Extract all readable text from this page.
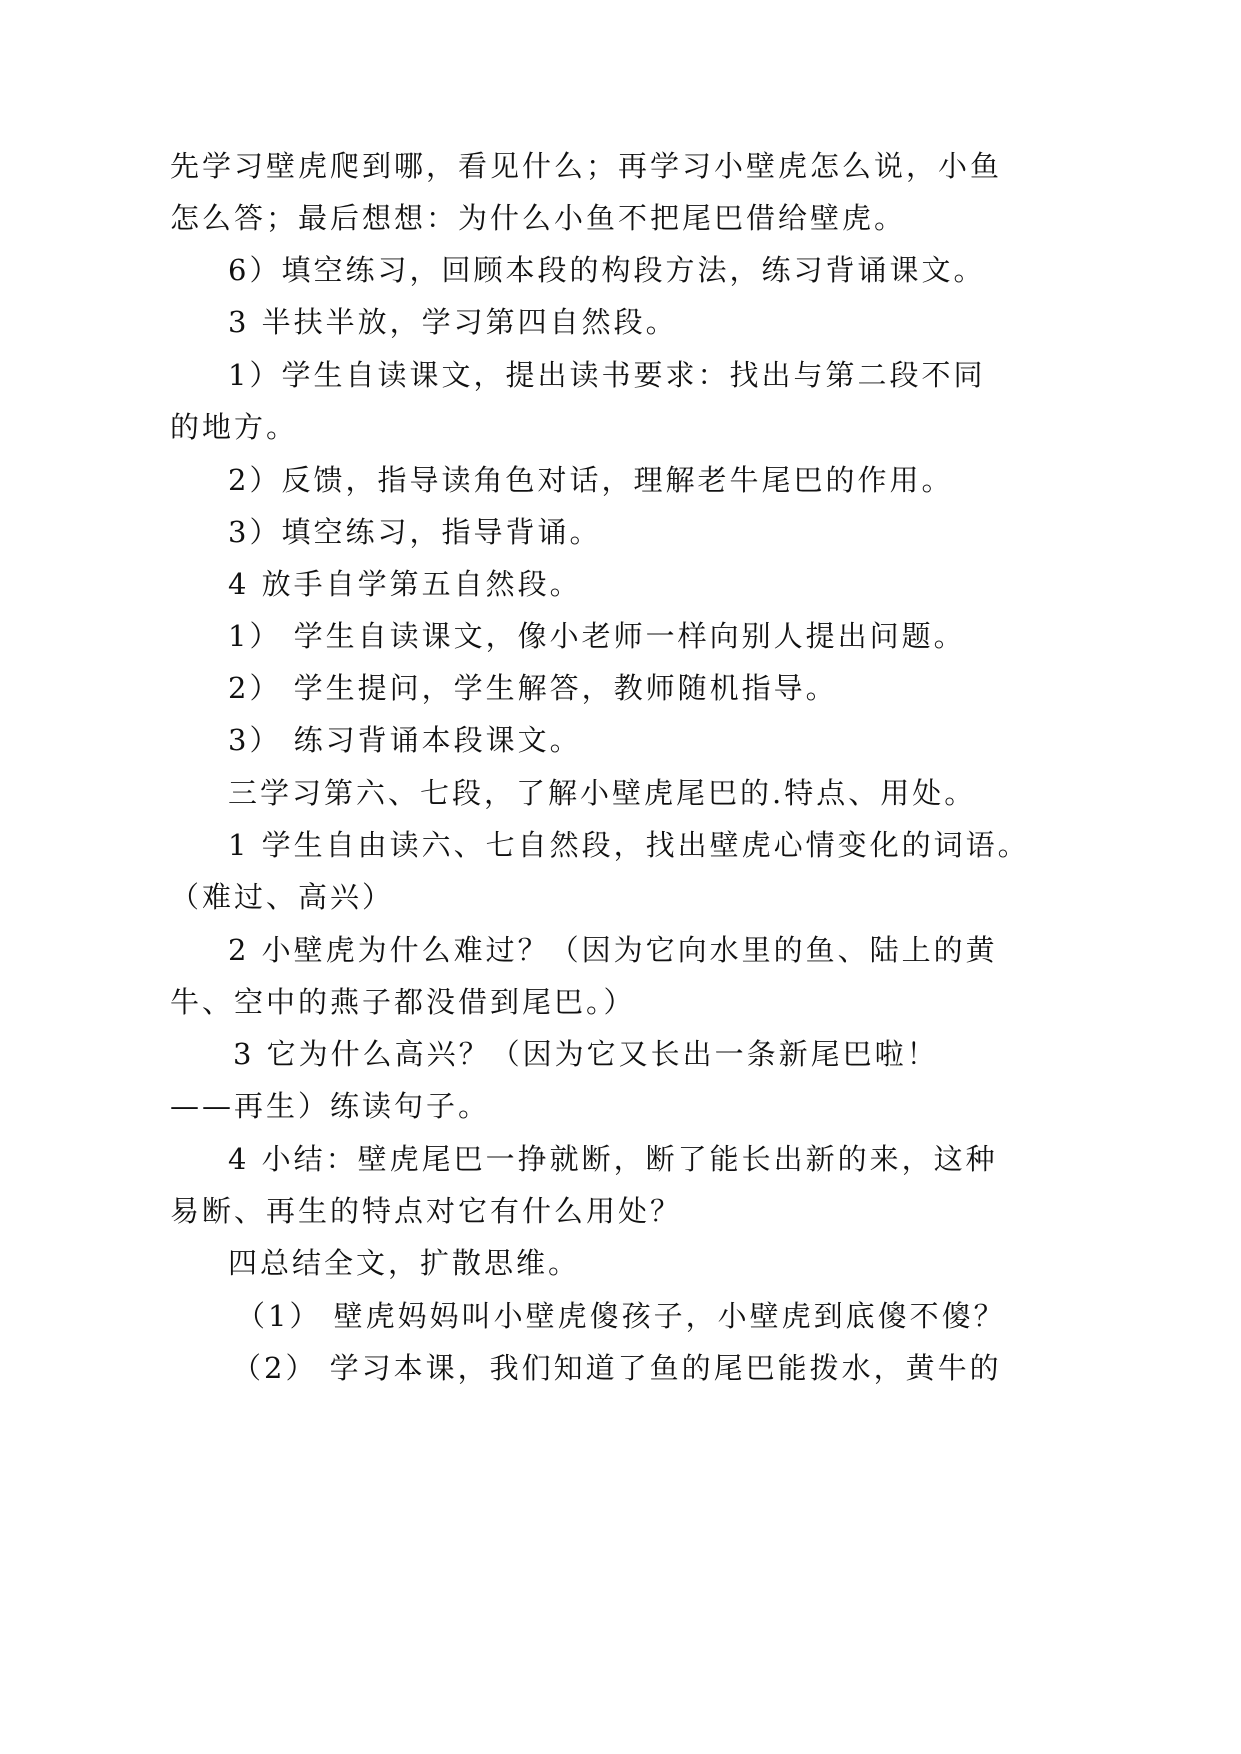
先学习壁虎爬到哪，看见什么；再学习小壁虎怎么说，小鱼
怎么答；最后想想：为什么小鱼不把尾巴借给壁虎。
6）填空练习，回顾本段的构段方法，练习背诵课文。
3 半扶半放，学习第四自然段。
1）学生自读课文，提出读书要求：找出与第二段不同
的地方。
2）反馈，指导读角色对话，理解老牛尾巴的作用。
3）填空练习，指导背诵。
4 放手自学第五自然段。
1） 学生自读课文，像小老师一样向别人提出问题。
2） 学生提问，学生解答，教师随机指导。
3） 练习背诵本段课文。
三学习第六、七段，了解小壁虎尾巴的.特点、用处。
1 学生自由读六、七自然段，找出壁虎心情变化的词语。
（难过、高兴）
2 小壁虎为什么难过？（因为它向水里的鱼、陆上的黄
牛、空中的燕子都没借到尾巴。）
3 它为什么高兴？（因为它又长出一条新尾巴啦！
——再生）练读句子。
4 小结：壁虎尾巴一挣就断，断了能长出新的来，这种
易断、再生的特点对它有什么用处？
四总结全文，扩散思维。
（1） 壁虎妈妈叫小壁虎傻孩子，小壁虎到底傻不傻？
（2） 学习本课，我们知道了鱼的尾巴能拨水，黄牛的
